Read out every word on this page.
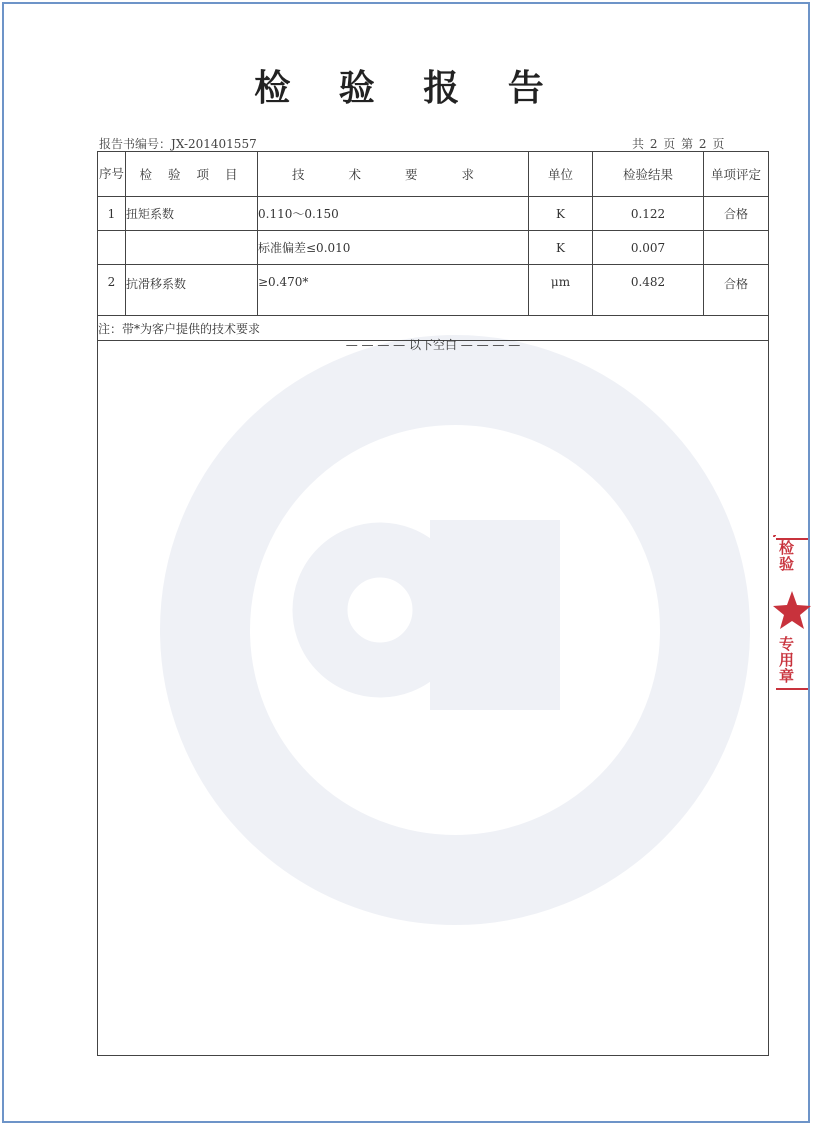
检 验 报 告
报告书编号：JX-201401557	共 2 页 第 2 页
序号	检 验 项 目	技 术 要 求	单位	检验结果	单项评定
1	扭矩系数	0.110～0.150	K	0.122	合格
		标准偏差≤0.010	K	0.007	
2	抗滑移系数	≥0.470*	μm	0.482	合格
注：带*为客户提供的技术要求					
— — — — 以下空白 — — — —
检验
专用章
